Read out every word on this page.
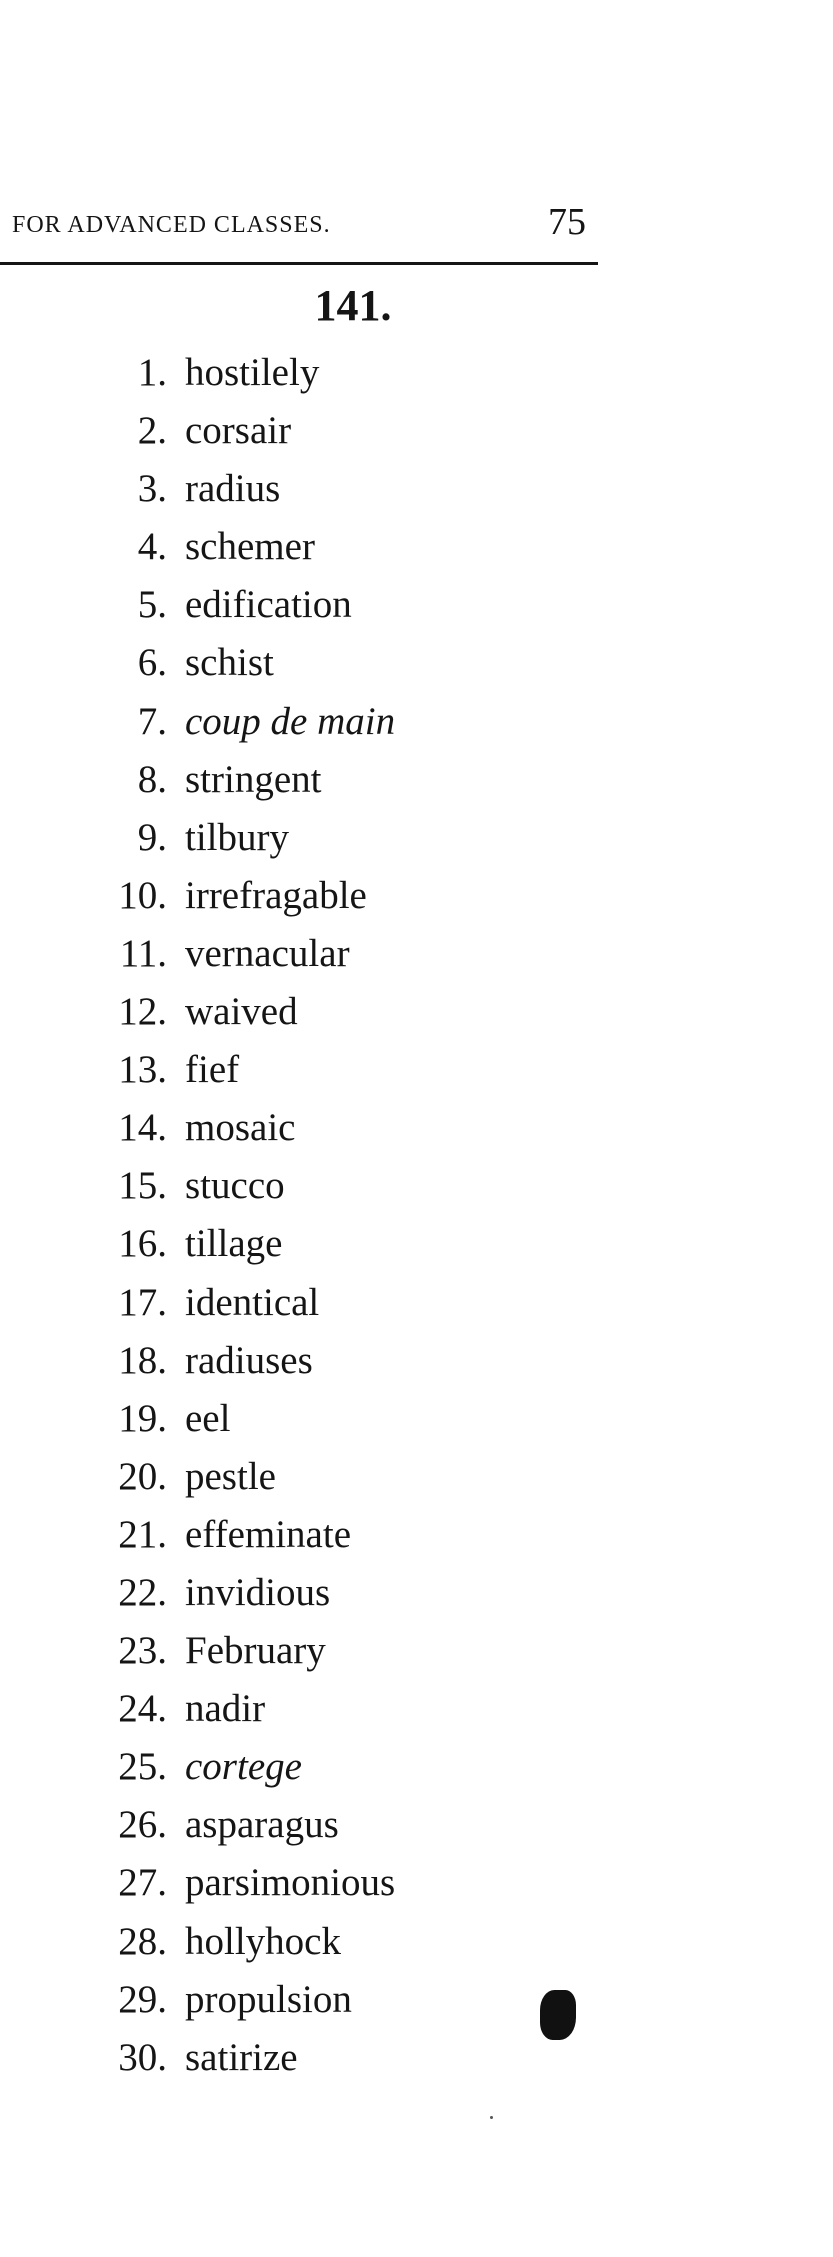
FOR ADVANCED CLASSES.	75
141.
1. hostilely
2. corsair
3. radius
4. schemer
5. edification
6. schist
7. coup de main
8. stringent
9. tilbury
10. irrefragable
11. vernacular
12. waived
13. fief
14. mosaic
15. stucco
16. tillage
17. identical
18. radiuses
19. eel
20. pestle
21. effeminate
22. invidious
23. February
24. nadir
25. cortege
26. asparagus
27. parsimonious
28. hollyhock
29. propulsion
30. satirize
